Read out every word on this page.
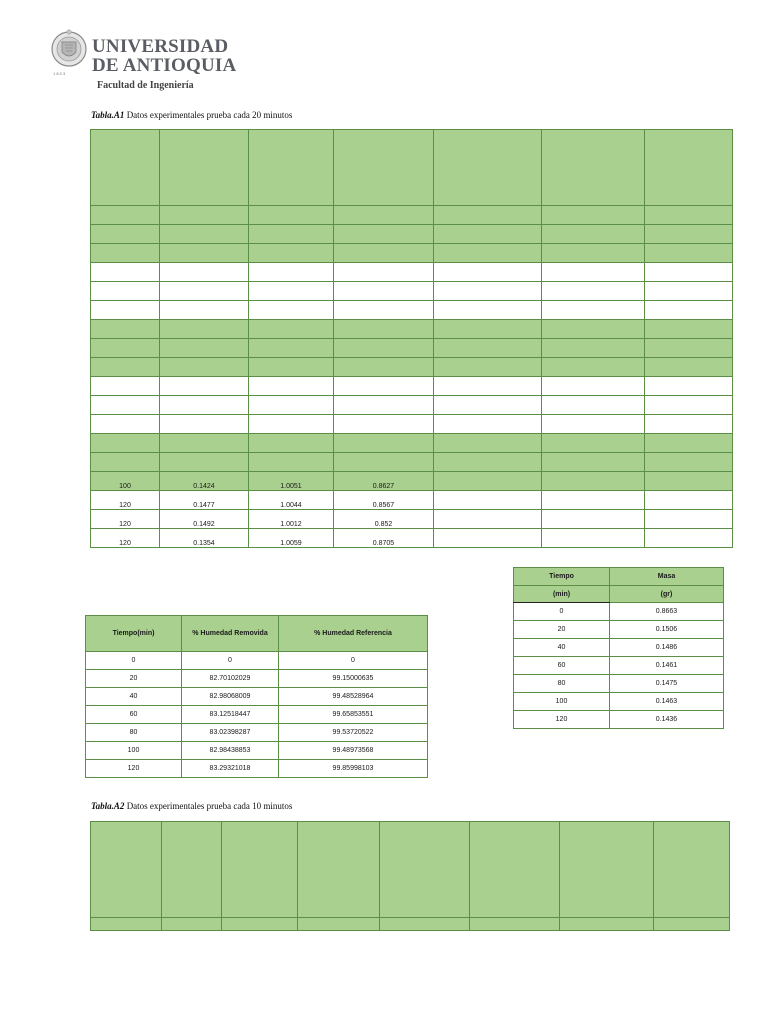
1 8 0 3
UNIVERSIDAD
DE ANTIOQUIA
Facultad de Ingeniería
Tabla.A1 Datos experimentales prueba cada 20 minutos

100	0.1424	1.0051	0.8627			
120	0.1477	1.0044	0.8567			
120	0.1492	1.0012	0.852			
120	0.1354	1.0059	0.8705			
Tiempo	Masa
(min)	(gr)
0	0.8663
20	0.1506
40	0.1486
60	0.1461
80	0.1475
100	0.1463
120	0.1436
Tiempo(min)	% Humedad Removida	% Humedad Referencia
0	0	0
20	82.70102029	99.15000635
40	82.98068009	99.48528964
60	83.12518447	99.65853551
80	83.02398287	99.53720522
100	82.98438853	99.48973568
120	83.29321018	99.85998103
Tabla.A2 Datos experimentales prueba cada 10 minutos
